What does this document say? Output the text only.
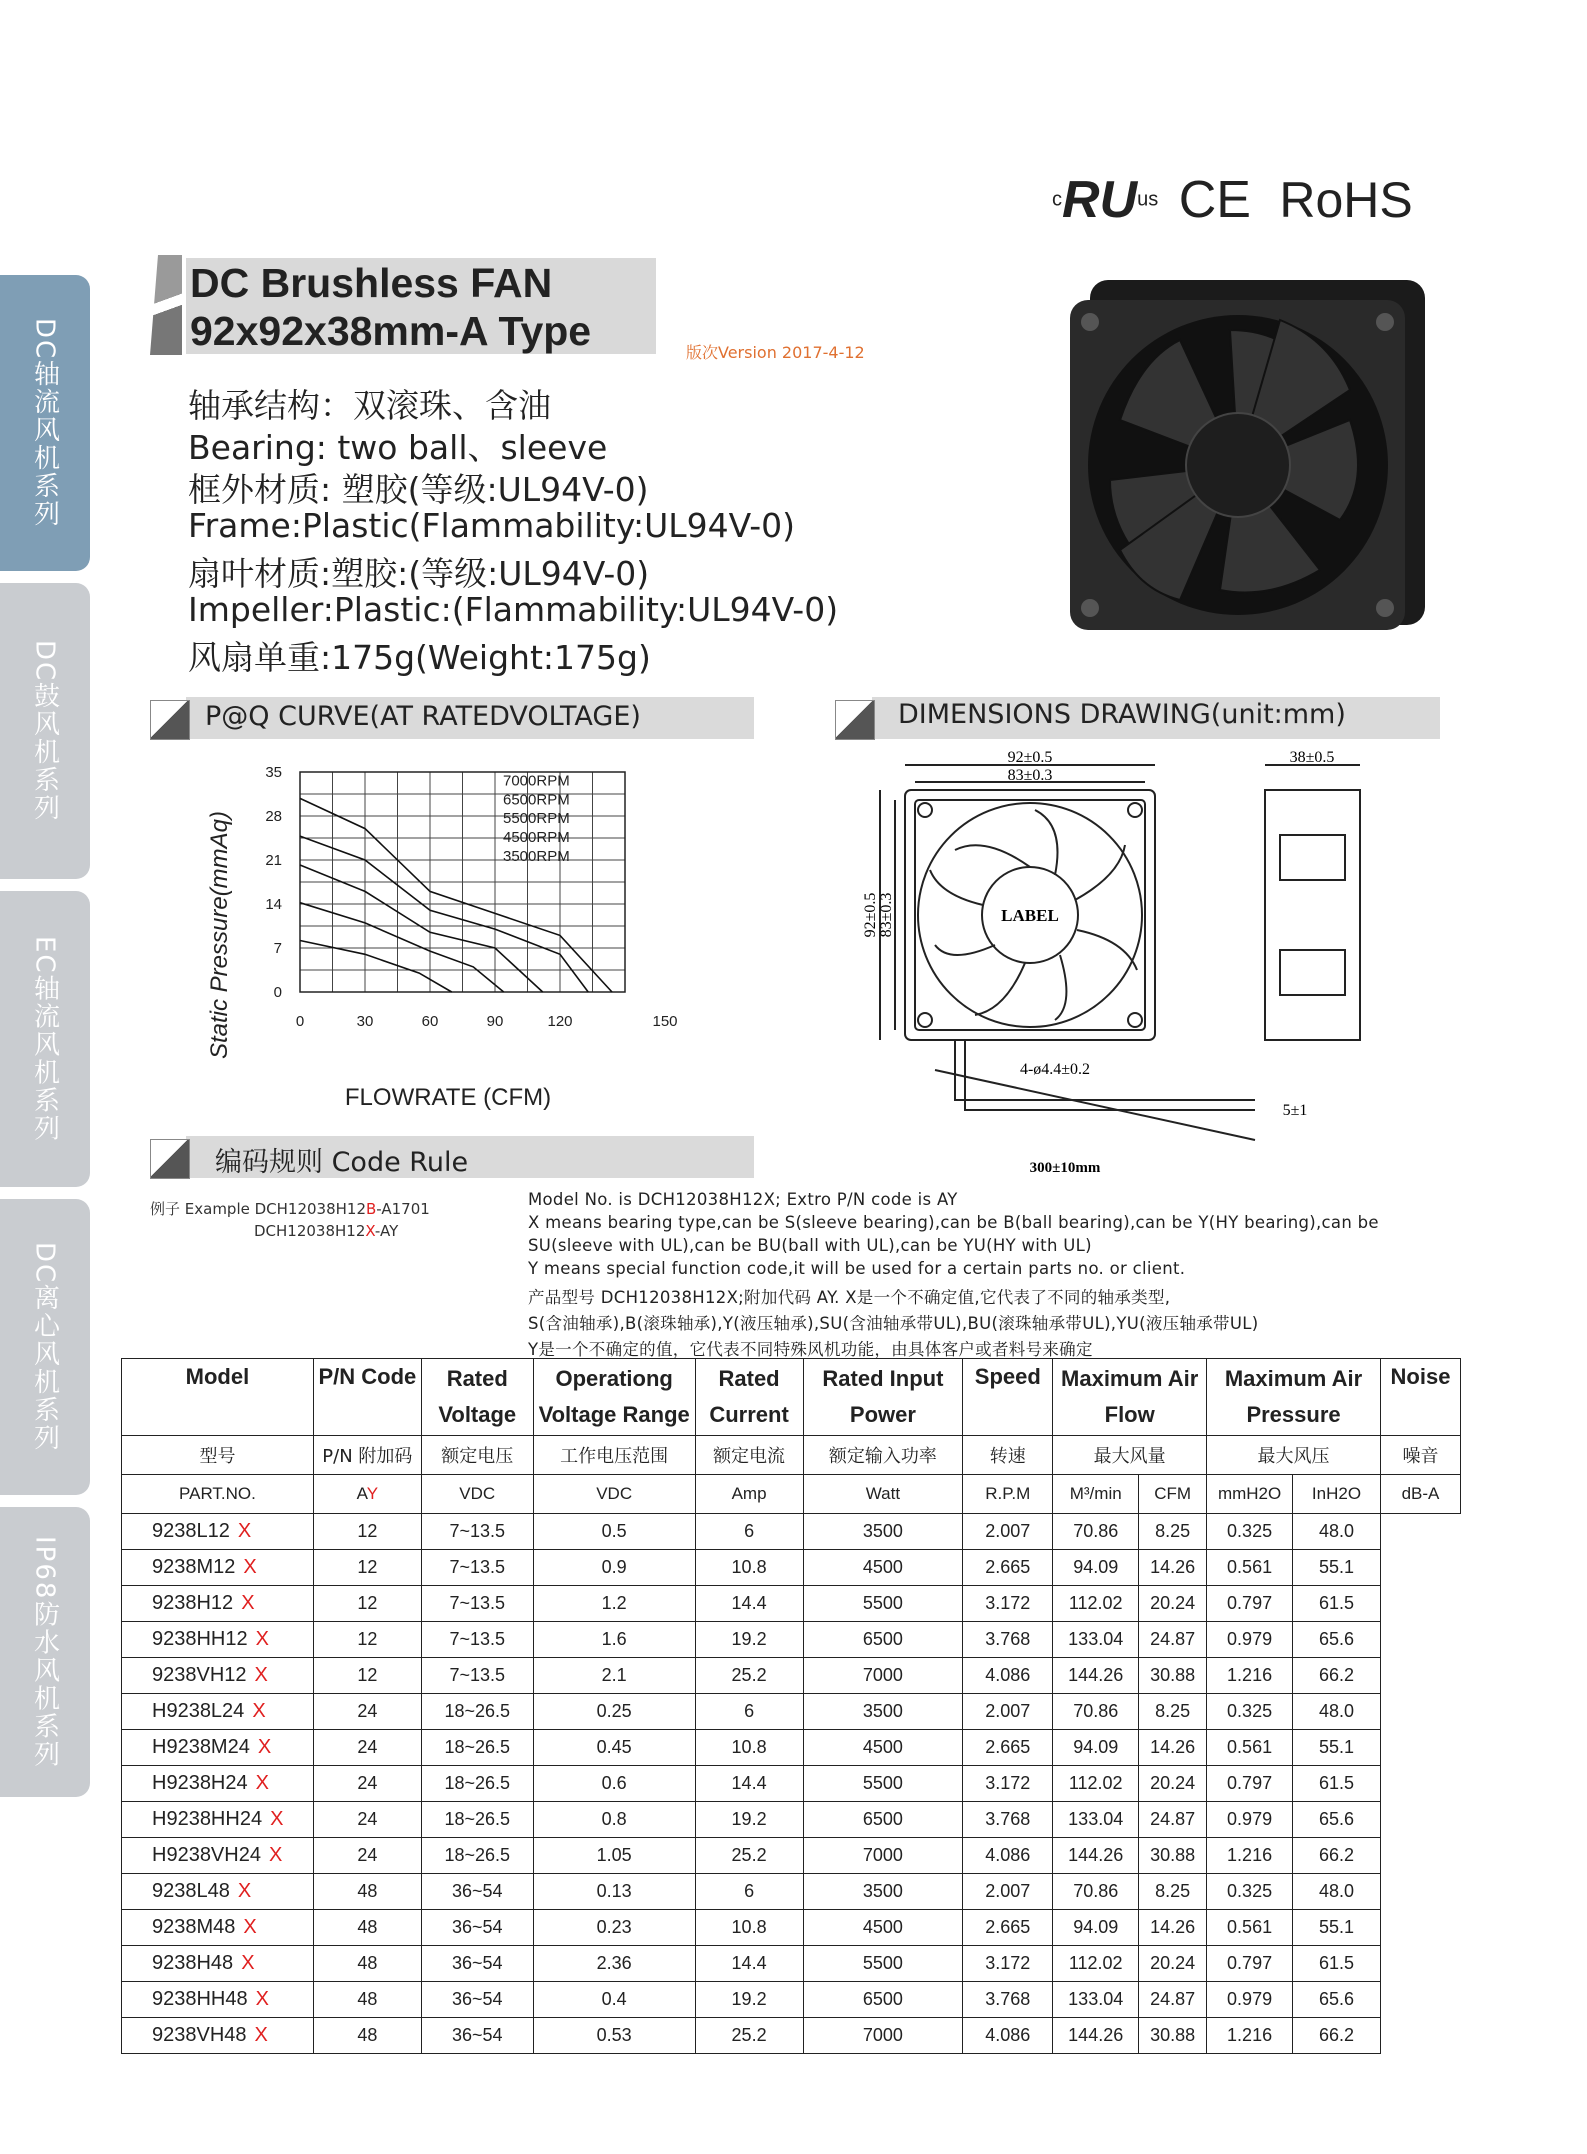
DC轴流风机系列
DC鼓风机系列
EC轴流风机系列
DC离心风机系列
IP68防水风机系列
cRUus CE RoHS
DC Brushless FAN
92x92x38mm-A Type	版次Version 2017-4-12
轴承结构：双滚珠、含油
Bearing: two ball、sleeve
框外材质: 塑胶(等级:UL94V-0)
Frame:Plastic(Flammability:UL94V-0)
扇叶材质:塑胶:(等级:UL94V-0)
Impeller:Plastic:(Flammability:UL94V-0)
风扇单重:175g(Weight:175g)
P@Q CURVE(AT RATEDVOLTAGE)	DIMENSIONS DRAWING(unit:mm)
7000RPM
6500RPM
5500RPM
4500RPM
3500RPM
0	30	60	90	120	150
0
7
14
21
28
35
Static Pressure(mmAq)
FLOWRATE (CFM)
92±0.5
83±0.3
92±0.5 83±0.3	LABEL
38±0.5
4-ø4.4±0.2
5±1
300±10mm
编码规则 Code Rule
例子 Example DCH12038H12B-A1701
DCH12038H12X-AY
Model No. is DCH12038H12X; Extro P/N code is AY
X means bearing type,can be S(sleeve bearing),can be B(ball bearing),can be Y(HY bearing),can be
SU(sleeve with UL),can be BU(ball with UL),can be YU(HY with UL)
Y means special function code,it will be used for a certain parts no. or client.
产品型号 DCH12038H12X;附加代码 AY. X是一个不确定值,它代表了不同的轴承类型,
S(含油轴承),B(滚珠轴承),Y(液压轴承),SU(含油轴承带UL),BU(滚珠轴承带UL),YU(液压轴承带UL)
Y是一个不确定的值，它代表不同特殊风机功能，由具体客户或者料号来确定
Model	P/N Code	Rated Voltage	Operationg Voltage Range	Rated Current	Rated Input Power	Speed	Maximum Air Flow		Maximum Air Pressure		Noise
型号	P/N 附加码	额定电压	工作电压范围	额定电流	额定输入功率	转速	最大风量		最大风压		噪音
PART.NO.	AY	VDC	VDC	Amp	Watt	R.P.M	M³/min	CFM	mmH2O	InH2O	dB-A
9238L12 X	12	7~13.5	0.5	6	3500	2.007	70.86	8.25	0.325	48.0	
9238M12 X	12	7~13.5	0.9	10.8	4500	2.665	94.09	14.26	0.561	55.1	
9238H12 X	12	7~13.5	1.2	14.4	5500	3.172	112.02	20.24	0.797	61.5	
9238HH12 X	12	7~13.5	1.6	19.2	6500	3.768	133.04	24.87	0.979	65.6	
9238VH12 X	12	7~13.5	2.1	25.2	7000	4.086	144.26	30.88	1.216	66.2	
H9238L24 X	24	18~26.5	0.25	6	3500	2.007	70.86	8.25	0.325	48.0	
H9238M24 X	24	18~26.5	0.45	10.8	4500	2.665	94.09	14.26	0.561	55.1	
H9238H24 X	24	18~26.5	0.6	14.4	5500	3.172	112.02	20.24	0.797	61.5	
H9238HH24 X	24	18~26.5	0.8	19.2	6500	3.768	133.04	24.87	0.979	65.6	
H9238VH24 X	24	18~26.5	1.05	25.2	7000	4.086	144.26	30.88	1.216	66.2	
9238L48 X	48	36~54	0.13	6	3500	2.007	70.86	8.25	0.325	48.0	
9238M48 X	48	36~54	0.23	10.8	4500	2.665	94.09	14.26	0.561	55.1	
9238H48 X	48	36~54	2.36	14.4	5500	3.172	112.02	20.24	0.797	61.5	
9238HH48 X	48	36~54	0.4	19.2	6500	3.768	133.04	24.87	0.979	65.6	
9238VH48 X	48	36~54	0.53	25.2	7000	4.086	144.26	30.88	1.216	66.2	
